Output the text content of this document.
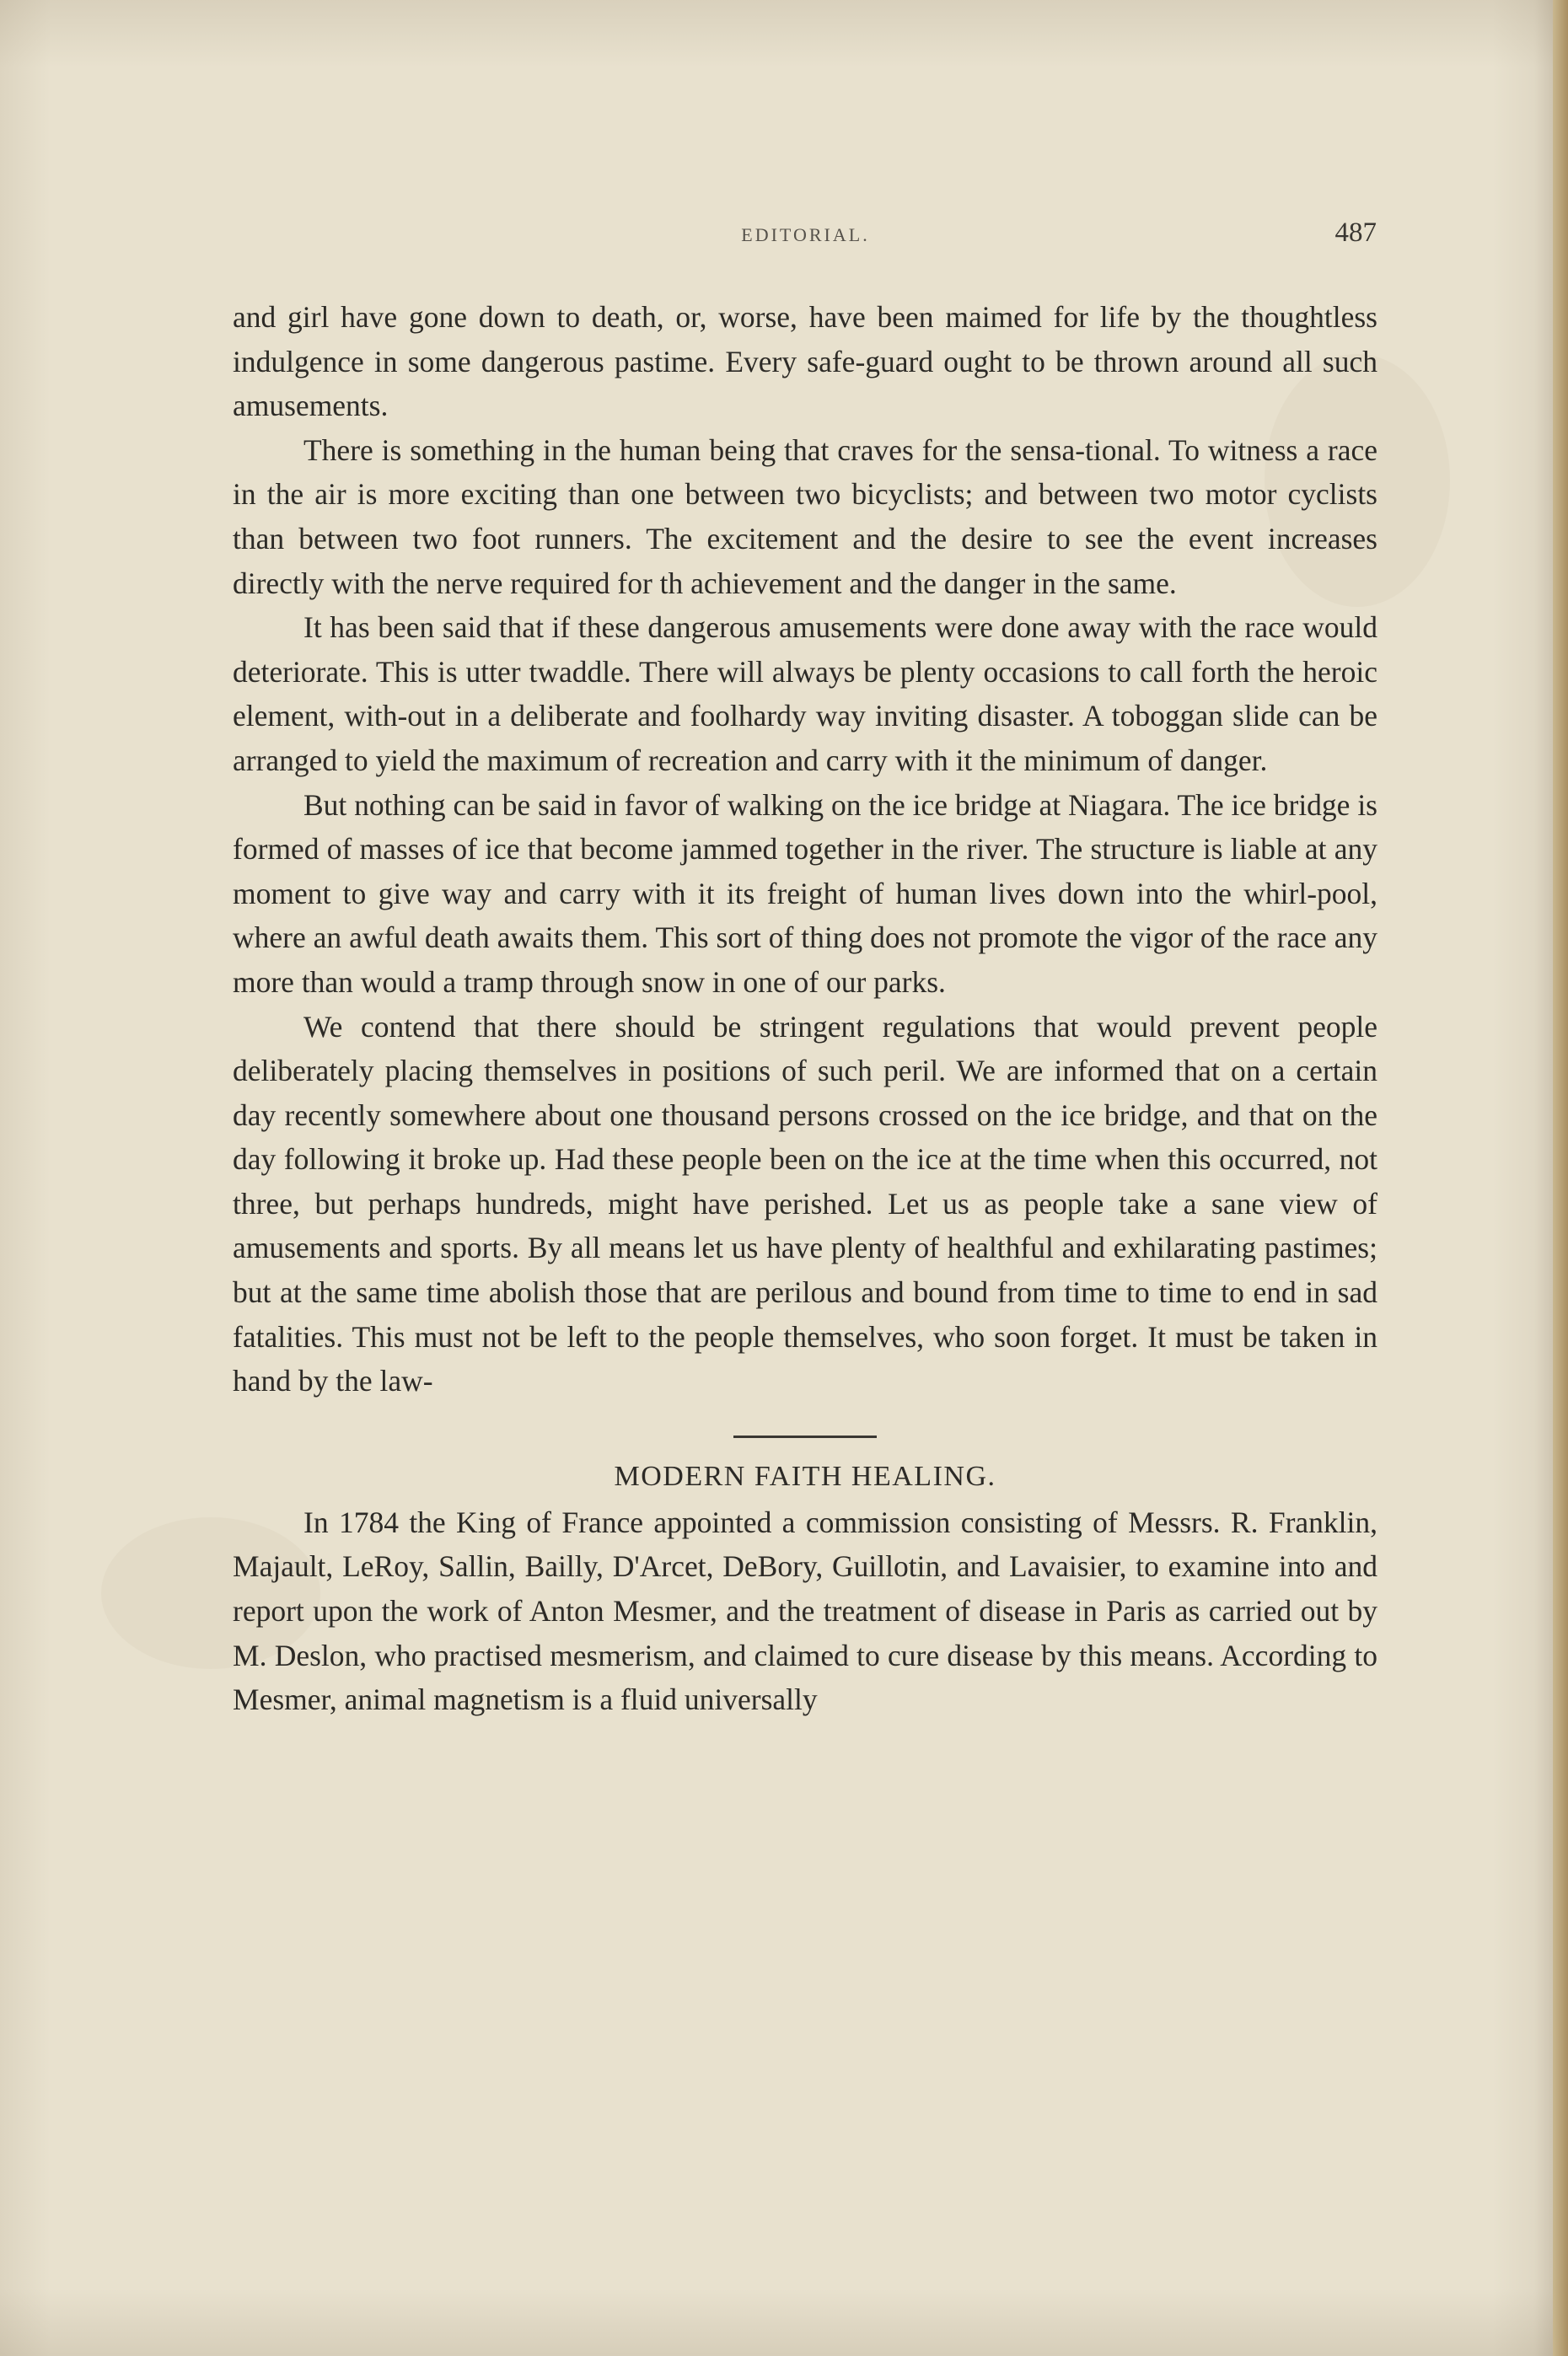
EDITORIAL.	487

and girl have gone down to death, or, worse, have been maimed for life by the thoughtless indulgence in some dangerous pastime. Every safe-guard ought to be thrown around all such amusements.

There is something in the human being that craves for the sensa-tional. To witness a race in the air is more exciting than one between two bicyclists; and between two motor cyclists than between two foot runners. The excitement and the desire to see the event increases directly with the nerve required for th achievement and the danger in the same.

It has been said that if these dangerous amusements were done away with the race would deteriorate. This is utter twaddle. There will always be plenty occasions to call forth the heroic element, with-out in a deliberate and foolhardy way inviting disaster. A toboggan slide can be arranged to yield the maximum of recreation and carry with it the minimum of danger.

But nothing can be said in favor of walking on the ice bridge at Niagara. The ice bridge is formed of masses of ice that become jammed together in the river. The structure is liable at any moment to give way and carry with it its freight of human lives down into the whirl-pool, where an awful death awaits them. This sort of thing does not promote the vigor of the race any more than would a tramp through snow in one of our parks.

We contend that there should be stringent regulations that would prevent people deliberately placing themselves in positions of such peril. We are informed that on a certain day recently somewhere about one thousand persons crossed on the ice bridge, and that on the day following it broke up. Had these people been on the ice at the time when this occurred, not three, but perhaps hundreds, might have perished. Let us as people take a sane view of amusements and sports. By all means let us have plenty of healthful and exhilarating pastimes; but at the same time abolish those that are perilous and bound from time to time to end in sad fatalities. This must not be left to the people themselves, who soon forget. It must be taken in hand by the law-

MODERN FAITH HEALING.

In 1784 the King of France appointed a commission consisting of Messrs. R. Franklin, Majault, LeRoy, Sallin, Bailly, D'Arcet, DeBory, Guillotin, and Lavaisier, to examine into and report upon the work of Anton Mesmer, and the treatment of disease in Paris as carried out by M. Deslon, who practised mesmerism, and claimed to cure disease by this means. According to Mesmer, animal magnetism is a fluid universally
